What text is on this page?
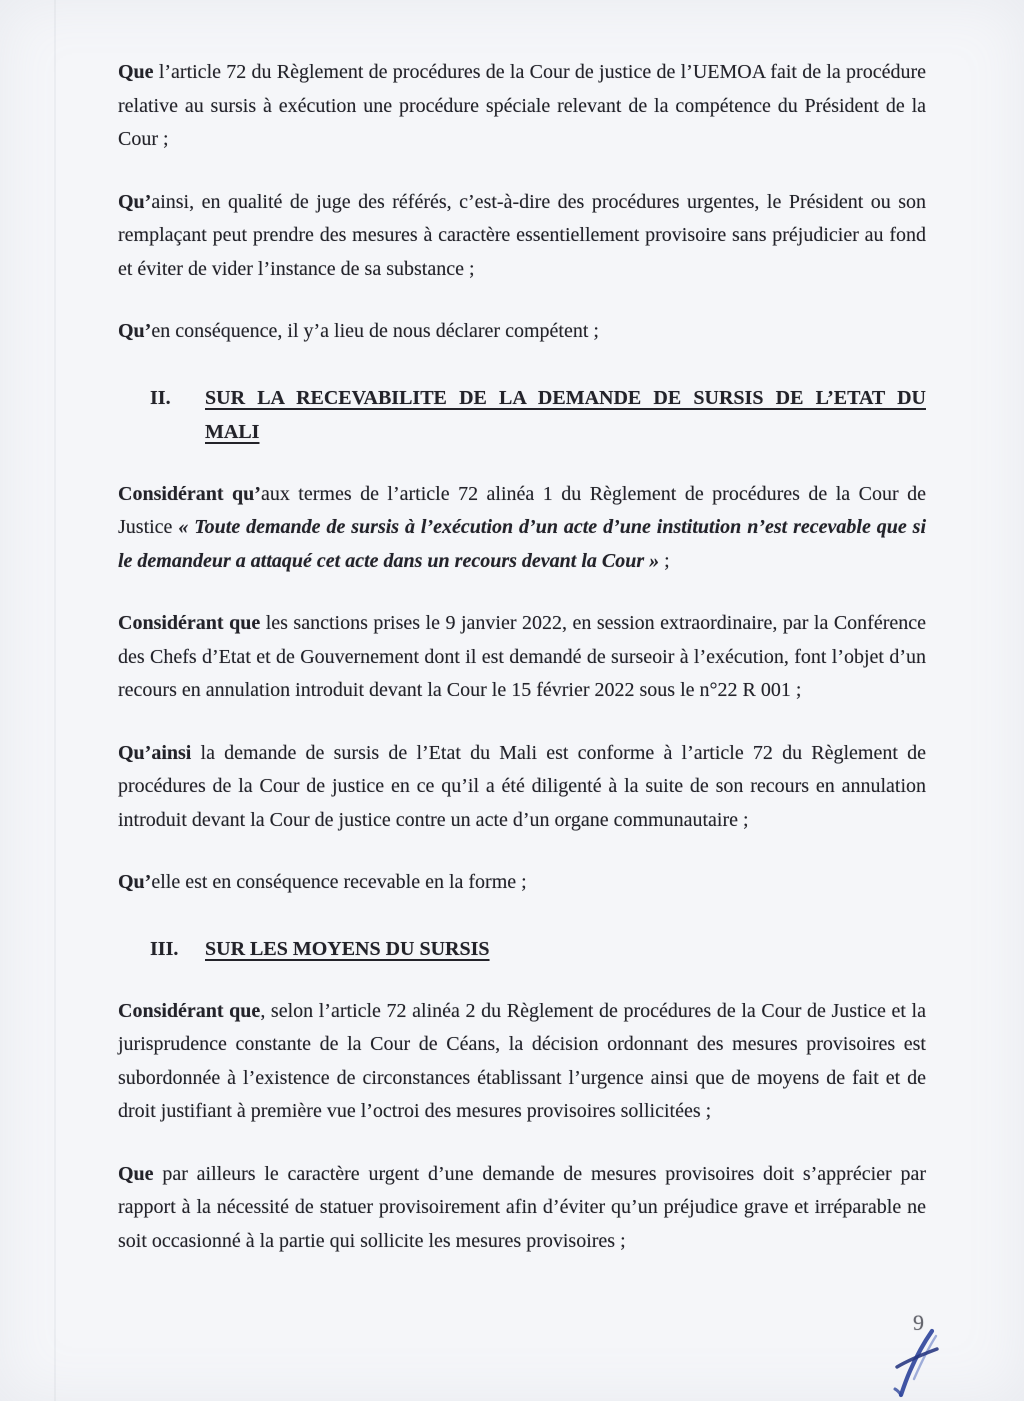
Que l’article 72 du Règlement de procédures de la Cour de justice de l’UEMOA fait de la procédure relative au sursis à exécution une procédure spéciale relevant de la compétence du Président de la Cour ;

Qu’ainsi, en qualité de juge des référés, c’est-à-dire des procédures urgentes, le Président ou son remplaçant peut prendre des mesures à caractère essentiellement provisoire sans préjudicier au fond et éviter de vider l’instance de sa substance ;

Qu’en conséquence, il y’a lieu de nous déclarer compétent ;

II.	SUR LA RECEVABILITE DE LA DEMANDE DE SURSIS DE L’ETAT DU
MALI

Considérant qu’aux termes de l’article 72 alinéa 1 du Règlement de procédures de la Cour de Justice « Toute demande de sursis à l’exécution d’un acte d’une institution n’est recevable que si le demandeur a attaqué cet acte dans un recours devant la Cour » ;

Considérant que les sanctions prises le 9 janvier 2022, en session extraordinaire, par la Conférence des Chefs d’Etat et de Gouvernement dont il est demandé de surseoir à l’exécution, font l’objet d’un recours en annulation introduit devant la Cour le 15 février 2022 sous le n°22 R 001 ;

Qu’ainsi la demande de sursis de l’Etat du Mali est conforme à l’article 72 du Règlement de procédures de la Cour de justice en ce qu’il a été diligenté à la suite de son recours en annulation introduit devant la Cour de justice contre un acte d’un organe communautaire ;

Qu’elle est en conséquence recevable en la forme ;

III.	SUR LES MOYENS DU SURSIS

Considérant que, selon l’article 72 alinéa 2 du Règlement de procédures de la Cour de Justice et la jurisprudence constante de la Cour de Céans, la décision ordonnant des mesures provisoires est subordonnée à l’existence de circonstances établissant l’urgence ainsi que de moyens de fait et de droit justifiant à première vue l’octroi des mesures provisoires sollicitées ;

Que par ailleurs le caractère urgent d’une demande de mesures provisoires doit s’apprécier par rapport à la nécessité de statuer provisoirement afin d’éviter qu’un préjudice grave et irréparable ne soit occasionné à la partie qui sollicite les mesures provisoires ;

9
